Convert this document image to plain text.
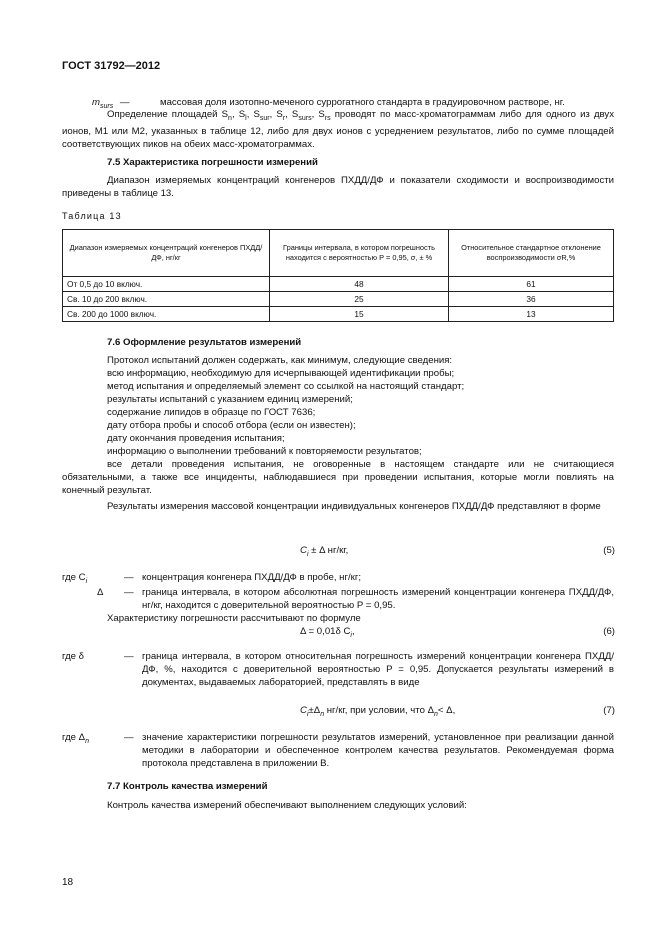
ГОСТ 31792—2012
$m_{surs}$ —	массовая доля изотопно-меченого суррогатного стандарта в градуировочном растворе, нг.
Определение площадей $S_n$, $S_l$, $S_{sur}$, $S_r$, $S_{surs}$, $S_{rs}$ проводят по масс-хроматограммам либо для одного из двух ионов, M1 или M2, указанных в таблице 12, либо для двух ионов с усреднением результатов, либо по сумме площадей соответствующих пиков на обеих масс-хроматограммах.
7.5 Характеристика погрешности измерений
Диапазон измеряемых концентраций конгенеров ПХДД/ДФ и показатели сходимости и воспроизводимости приведены в таблице 13.
Таблица 13
Диапазон измеряемых концентраций конгенеров ПХДД/ДФ, нг/кг	Границы интервала, в котором погрешность находится с вероятностью P = 0,95, σ, ± %	Относительное стандартное отклонение воспроизводимости σR,%
От 0,5 до 10 включ.	48	61
Св. 10 до 200 включ.	25	36
Св. 200 до 1000 включ.	15	13
7.6 Оформление результатов измерений
Протокол испытаний должен содержать, как минимум, следующие сведения:
всю информацию, необходимую для исчерпывающей идентификации пробы;
метод испытания и определяемый элемент со ссылкой на настоящий стандарт;
результаты испытаний с указанием единиц измерений;
содержание липидов в образце по ГОСТ 7636;
дату отбора пробы и способ отбора (если он известен);
дату окончания проведения испытания;
информацию о выполнении требований к повторяемости результатов;
все детали проведения испытания, не оговоренные в настоящем стандарте или не считающиеся обязательными, а также все инциденты, наблюдавшиеся при проведении испытания, которые могли повлиять на конечный результат.
Результаты измерения массовой концентрации индивидуальных конгенеров ПХДД/ДФ представляют в форме
$C_i \pm \Delta$ нг/кг,	(5)
где $C_i$	— концентрация конгенера ПХДД/ДФ в пробе, нг/кг;
Δ — граница интервала, в котором абсолютная погрешность измерений концентрации конгенера ПХДД/ДФ, нг/кг, находится с доверительной вероятностью P = 0,95.
Характеристику погрешности рассчитывают по формуле
Δ = 0,01δ $C_i$,	(6)
где δ	— граница интервала, в котором относительная погрешность измерений концентрации конгенера ПХДД/ДФ, %, находится с доверительной вероятностью P = 0,95. Допускается результаты измерений в документах, выдаваемых лабораторией, представлять в виде
$C_i\pm\Delta_n$ нг/кг, при условии, что $\Delta_n< \Delta$,	(7)
где $\Delta_n$	— значение характеристики погрешности результатов измерений, установленное при реализации данной методики в лаборатории и обеспеченное контролем качества результатов. Рекомендуемая форма протокола представлена в приложении В.
7.7 Контроль качества измерений
Контроль качества измерений обеспечивают выполнением следующих условий:
18
